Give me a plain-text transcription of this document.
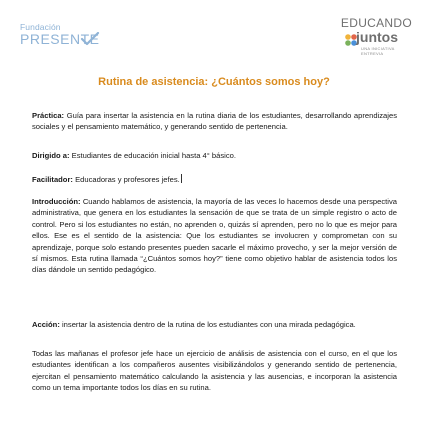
Fundación
PRESENTE
EDUCANDO
juntos
UNA INICIATIVA ENTREVIA
Rutina de asistencia: ¿Cuántos somos hoy?
Práctica: Guía para insertar la asistencia en la rutina diaria de los estudiantes, desarrollando aprendizajes sociales y el pensamiento matemático, y generando sentido de pertenencia.
Dirigido a: Estudiantes de educación inicial hasta 4° básico.
Facilitador: Educadoras y profesores jefes.
Introducción: Cuando hablamos de asistencia, la mayoría de las veces lo hacemos desde una perspectiva administrativa, que genera en los estudiantes la sensación de que se trata de un simple registro o acto de control. Pero si los estudiantes no están, no aprenden o, quizás sí aprenden, pero no lo que es mejor para ellos. Ese es el sentido de la asistencia: Que los estudiantes se involucren y comprometan con su aprendizaje, porque solo estando presentes pueden sacarle el máximo provecho, y ser la mejor versión de sí mismos. Esta rutina llamada “¿Cuántos somos hoy?” tiene como objetivo hablar de asistencia todos los días dándole un sentido pedagógico.
Acción: insertar la asistencia dentro de la rutina de los estudiantes con una mirada pedagógica.
Todas las mañanas el profesor jefe hace un ejercicio de análisis de asistencia con el curso, en el que los estudiantes identifican a los compañeros ausentes visibilizándolos y generando sentido de pertenencia, ejercitan el pensamiento matemático calculando la asistencia y las ausencias, e incorporan la asistencia como un tema importante todos los días en su rutina.
